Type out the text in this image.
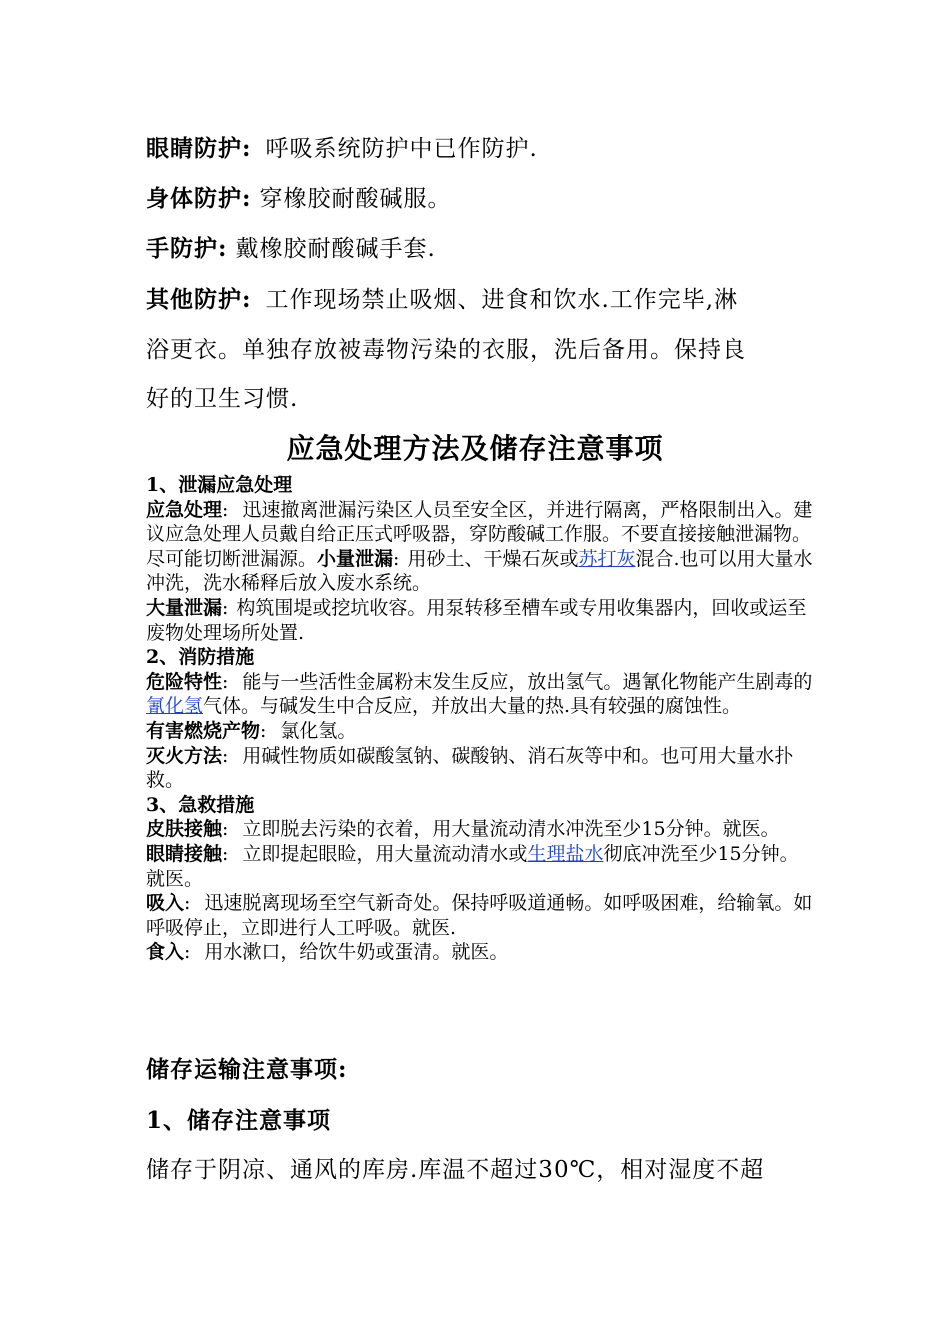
眼睛防护: 呼吸系统防护中已作防护.
身体防护: 穿橡胶耐酸碱服。
手防护: 戴橡胶耐酸碱手套.
其他防护: 工作现场禁止吸烟、进食和饮水.工作完毕,淋
浴更衣。单独存放被毒物污染的衣服，洗后备用。保持良
好的卫生习惯.
应急处理方法及储存注意事项

1、泄漏应急处理

应急处理: 迅速撤离泄漏污染区人员至安全区，并进行隔离，严格限制出入。建议应急处理人员戴自给正压式呼吸器，穿防酸碱工作服。不要直接接触泄漏物。尽可能切断泄漏源。小量泄漏: 用砂土、干燥石灰或苏打灰混合.也可以用大量水冲洗，洗水稀释后放入废水系统。

大量泄漏: 构筑围堤或挖坑收容。用泵转移至槽车或专用收集器内，回收或运至废物处理场所处置.

2、消防措施

危险特性: 能与一些活性金属粉末发生反应，放出氢气。遇氰化物能产生剧毒的氰化氢气体。与碱发生中合反应，并放出大量的热.具有较强的腐蚀性。

有害燃烧产物: 氯化氢。

灭火方法: 用碱性物质如碳酸氢钠、碳酸钠、消石灰等中和。也可用大量水扑救。

3、急救措施

皮肤接触: 立即脱去污染的衣着，用大量流动清水冲洗至少15分钟。就医。

眼睛接触: 立即提起眼睑，用大量流动清水或生理盐水彻底冲洗至少15分钟。就医。

吸入: 迅速脱离现场至空气新奇处。保持呼吸道通畅。如呼吸困难，给输氧。如呼吸停止，立即进行人工呼吸。就医.

食入: 用水漱口，给饮牛奶或蛋清。就医。

储存运输注意事项:
1、储存注意事项
储存于阴凉、通风的库房.库温不超过30℃，相对湿度不超
